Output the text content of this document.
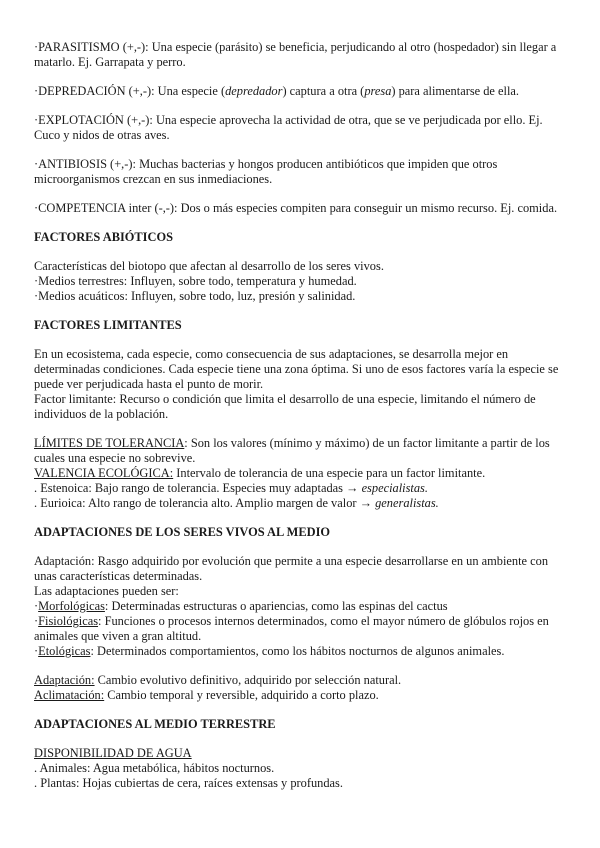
·PARASITISMO (+,-): Una especie (parásito) se beneficia, perjudicando al otro (hospedador) sin llegar a matarlo. Ej. Garrapata y perro.

·DEPREDACIÓN (+,-): Una especie (depredador) captura a otra (presa) para alimentarse de ella.

·EXPLOTACIÓN (+,-): Una especie aprovecha la actividad de otra, que se ve perjudicada por ello. Ej. Cuco y nidos de otras aves.

·ANTIBIOSIS (+,-): Muchas bacterias y hongos producen antibióticos que impiden que otros microorganismos crezcan en sus inmediaciones.

·COMPETENCIA inter (-,-): Dos o más especies compiten para conseguir un mismo recurso. Ej. comida.

FACTORES ABIÓTICOS
Características del biotopo que afectan al desarrollo de los seres vivos.
·Medios terrestres: Influyen, sobre todo, temperatura y humedad.
·Medios acuáticos: Influyen, sobre todo, luz, presión y salinidad.
FACTORES LIMITANTES
En un ecosistema, cada especie, como consecuencia de sus adaptaciones, se desarrolla mejor en determinadas condiciones. Cada especie tiene una zona óptima. Si uno de esos factores varía la especie se puede ver perjudicada hasta el punto de morir.
Factor limitante: Recurso o condición que limita el desarrollo de una especie, limitando el número de individuos de la población.
LÍMITES DE TOLERANCIA: Son los valores (mínimo y máximo) de un factor limitante a partir de los cuales una especie no sobrevive.
VALENCIA ECOLÓGICA: Intervalo de tolerancia de una especie para un factor limitante.
. Estenoica: Bajo rango de tolerancia. Especies muy adaptadas → especialistas.
. Eurioica: Alto rango de tolerancia alto. Amplio margen de valor → generalistas.
ADAPTACIONES DE LOS SERES VIVOS AL MEDIO
Adaptación: Rasgo adquirido por evolución que permite a una especie desarrollarse en un ambiente con unas características determinadas.
Las adaptaciones pueden ser:
·Morfológicas: Determinadas estructuras o apariencias, como las espinas del cactus
·Fisiológicas: Funciones o procesos internos determinados, como el mayor número de glóbulos rojos en animales que viven a gran altitud.
·Etológicas: Determinados comportamientos, como los hábitos nocturnos de algunos animales.
Adaptación: Cambio evolutivo definitivo, adquirido por selección natural.
Aclimatación: Cambio temporal y reversible, adquirido a corto plazo.
ADAPTACIONES AL MEDIO TERRESTRE
DISPONIBILIDAD DE AGUA
. Animales: Agua metabólica, hábitos nocturnos.
. Plantas: Hojas cubiertas de cera, raíces extensas y profundas.
